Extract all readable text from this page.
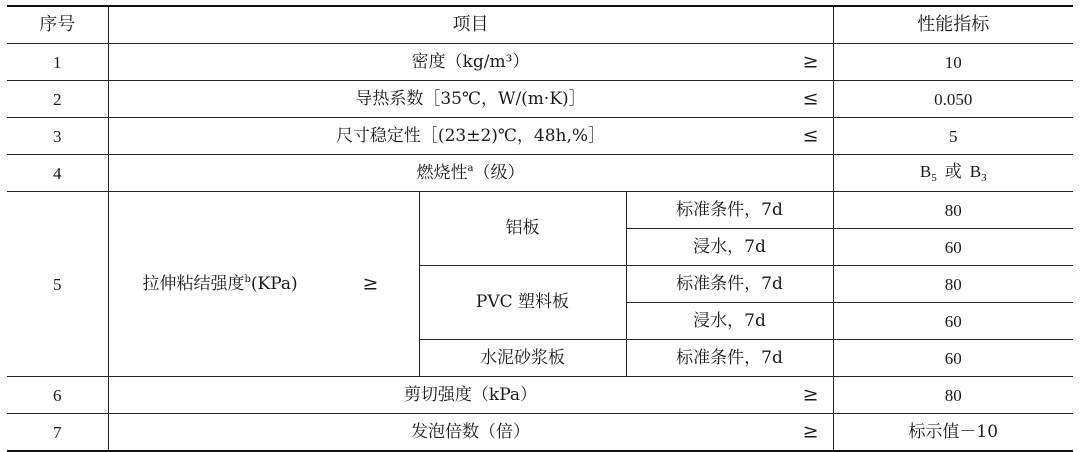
序号	项目			性能指标
1	密度（kg/m³） ≥			10
2	导热系数［35℃，W/(m·K)］ ≤			0.050
3	尺寸稳定性［(23±2)℃，48h,%］ ≤			5
4	燃烧性$^a$（级）			$B_5$ 或 $B_3$
5	拉伸粘结强度$^b$(KPa) ≥	铝板	标准条件，7d	80
			浸水，7d	60
		PVC 塑料板	标准条件，7d	80
			浸水，7d	60
		水泥砂浆板	标准条件，7d	60
6	剪切强度（kPa） ≥			80
7	发泡倍数（倍） ≥			标示值－10
